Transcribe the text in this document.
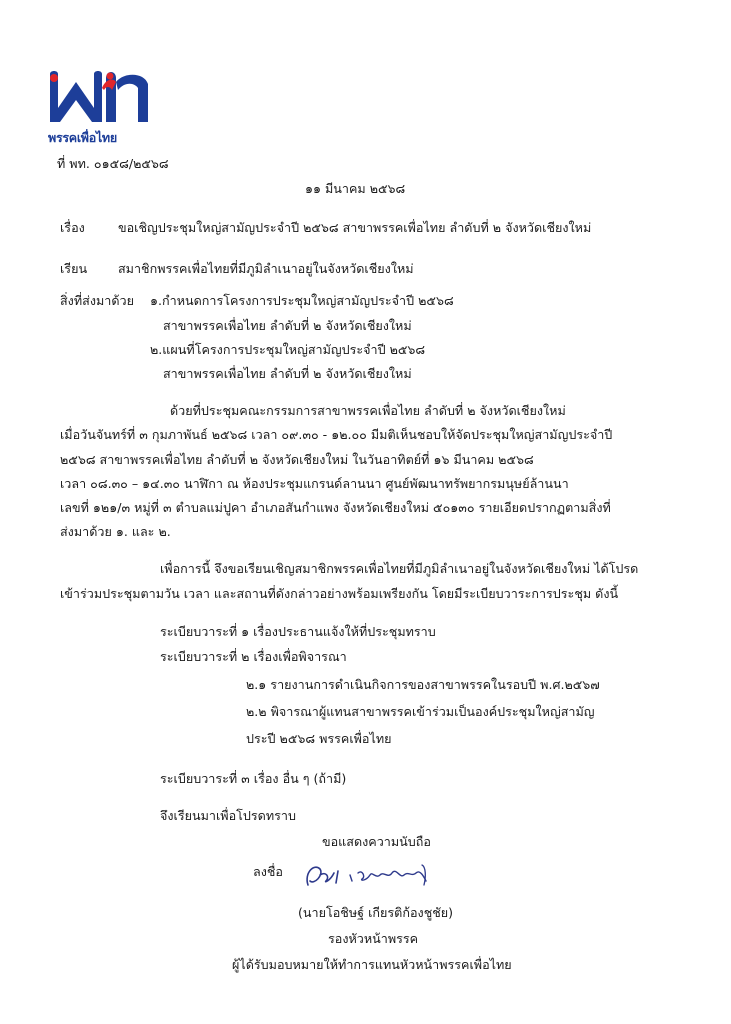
พรรคเพื่อไทย
ที่ พท. ๐๑๕๘/๒๕๖๘
๑๑ มีนาคม ๒๕๖๘
เรื่อง	ขอเชิญประชุมใหญ่สามัญประจำปี ๒๕๖๘ สาขาพรรคเพื่อไทย ลำดับที่ ๒ จังหวัดเชียงใหม่
เรียน สมาชิกพรรคเพื่อไทยที่มีภูมิลำเนาอยู่ในจังหวัดเชียงใหม่
สิ่งที่ส่งมาด้วย ๑.กำหนดการโครงการประชุมใหญ่สามัญประจำปี ๒๕๖๘
สาขาพรรคเพื่อไทย ลำดับที่ ๒ จังหวัดเชียงใหม่
๒.แผนที่โครงการประชุมใหญ่สามัญประจำปี ๒๕๖๘
สาขาพรรคเพื่อไทย ลำดับที่ ๒ จังหวัดเชียงใหม่
ด้วยที่ประชุมคณะกรรมการสาขาพรรคเพื่อไทย ลำดับที่ ๒ จังหวัดเชียงใหม่
เมื่อวันจันทร์ที่ ๓ กุมภาพันธ์ ๒๕๖๘ เวลา ๐๙.๓๐ - ๑๒.๐๐ มีมติเห็นชอบให้จัดประชุมใหญ่สามัญประจำปี
๒๕๖๘ สาขาพรรคเพื่อไทย ลำดับที่ ๒ จังหวัดเชียงใหม่ ในวันอาทิตย์ที่ ๑๖ มีนาคม ๒๕๖๘
เวลา ๐๘.๓๐ – ๑๔.๓๐ นาฬิกา ณ ห้องประชุมแกรนด์ลานนา ศูนย์พัฒนาทรัพยากรมนุษย์ล้านนา
เลขที่ ๑๒๑/๓ หมู่ที่ ๓ ตำบลแม่ปูคา อำเภอสันกำแพง จังหวัดเชียงใหม่ ๕๐๑๓๐ รายเอียดปรากฏตามสิ่งที่
ส่งมาด้วย ๑. และ ๒.
เพื่อการนี้ จึงขอเรียนเชิญสมาชิกพรรคเพื่อไทยที่มีภูมิลำเนาอยู่ในจังหวัดเชียงใหม่ ได้โปรด
เข้าร่วมประชุมตามวัน เวลา และสถานที่ดังกล่าวอย่างพร้อมเพรียงกัน โดยมีระเบียบวาระการประชุม ดังนี้
ระเบียบวาระที่ ๑ เรื่องประธานแจ้งให้ที่ประชุมทราบ
ระเบียบวาระที่ ๒ เรื่องเพื่อพิจารณา
๒.๑ รายงานการดำเนินกิจการของสาขาพรรคในรอบปี พ.ศ.๒๕๖๗
๒.๒ พิจารณาผู้แทนสาขาพรรคเข้าร่วมเป็นองค์ประชุมใหญ่สามัญ
ประปี ๒๕๖๘ พรรคเพื่อไทย
ระเบียบวาระที่ ๓ เรื่อง อื่น ๆ (ถ้ามี)
จึงเรียนมาเพื่อโปรดทราบ
ขอแสดงความนับถือ
ลงชื่อ
(นายโอชิษฐ์ เกียรติก้องชูชัย)
รองหัวหน้าพรรค
ผู้ได้รับมอบหมายให้ทำการแทนหัวหน้าพรรคเพื่อไทย
